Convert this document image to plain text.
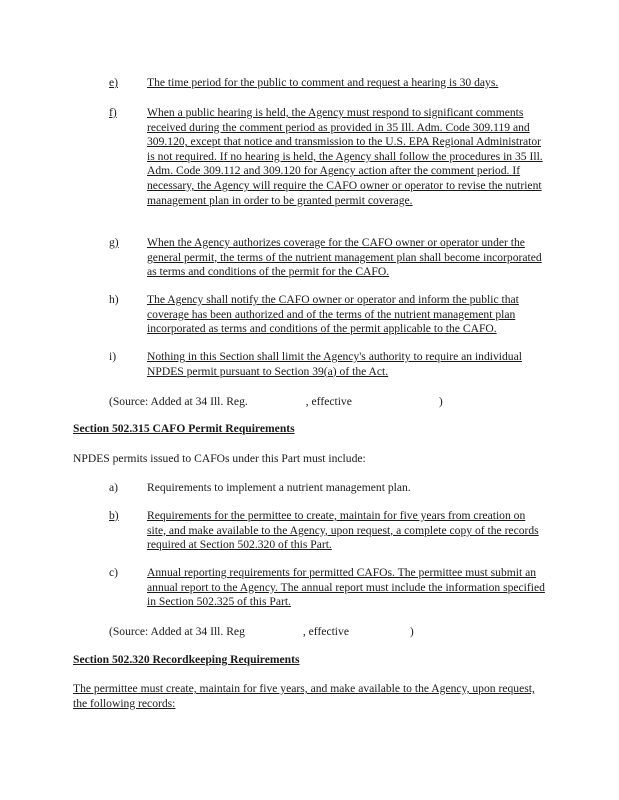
e) The time period for the public to comment and request a hearing is 30 days.

f)	When a public hearing is held, the Agency must respond to significant comments received during the comment period as provided in 35 Ill. Adm. Code 309.119 and 309.120, except that notice and transmission to the U.S. EPA Regional Administrator is not required. If no hearing is held, the Agency shall follow the procedures in 35 Ill. Adm. Code 309.112 and 309.120 for Agency action after the comment period. If necessary, the Agency will require the CAFO owner or operator to revise the nutrient management plan in order to be granted permit coverage.

g) When the Agency authorizes coverage for the CAFO owner or operator under the general permit, the terms of the nutrient management plan shall become incorporated as terms and conditions of the permit for the CAFO.

h) The Agency shall notify the CAFO owner or operator and inform the public that coverage has been authorized and of the terms of the nutrient management plan incorporated as terms and conditions of the permit applicable to the CAFO.

i)	Nothing in this Section shall limit the Agency's authority to require an individual NPDES permit pursuant to Section 39(a) of the Act.

(Source: Added at 34 Ill. Reg.                    , effective                              )
Section 502.315 CAFO Permit Requirements

NPDES permits issued to CAFOs under this Part must include:

a) Requirements to implement a nutrient management plan.

b) Requirements for the permittee to create, maintain for five years from creation on site, and make available to the Agency, upon request, a complete copy of the records required at Section 502.320 of this Part.

c) Annual reporting requirements for permitted CAFOs. The permittee must submit an annual report to the Agency. The annual report must include the information specified in Section 502.325 of this Part.

(Source: Added at 34 Ill. Reg                    , effective                     )
Section 502.320 Recordkeeping Requirements

The permittee must create, maintain for five years, and make available to the Agency, upon request, the following records:
